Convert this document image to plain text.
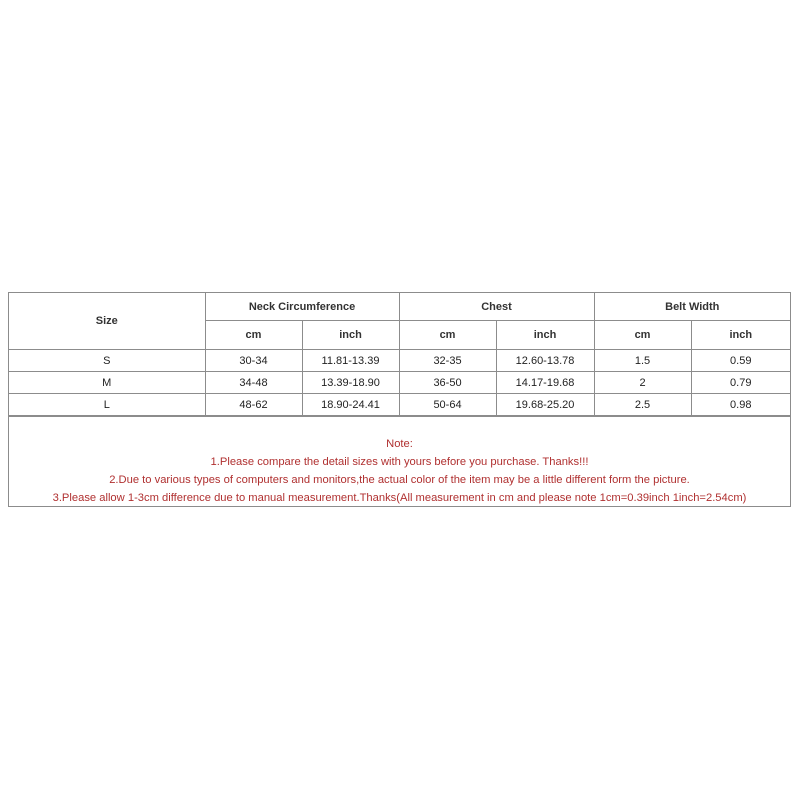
Size	Neck Circumference		Chest		Belt Width	
	cm	inch	cm	inch	cm	inch
S	30-34	11.81-13.39	32-35	12.60-13.78	1.5	0.59
M	34-48	13.39-18.90	36-50	14.17-19.68	2	0.79
L	48-62	18.90-24.41	50-64	19.68-25.20	2.5	0.98
Note:
1.Please compare the detail sizes with yours before you purchase. Thanks!!!
2.Due to various types of computers and monitors,the actual color of the item may be a little different form the picture.
3.Please allow 1-3cm difference due to manual measurement.Thanks(All measurement in cm and please note 1cm=0.39inch 1inch=2.54cm)
